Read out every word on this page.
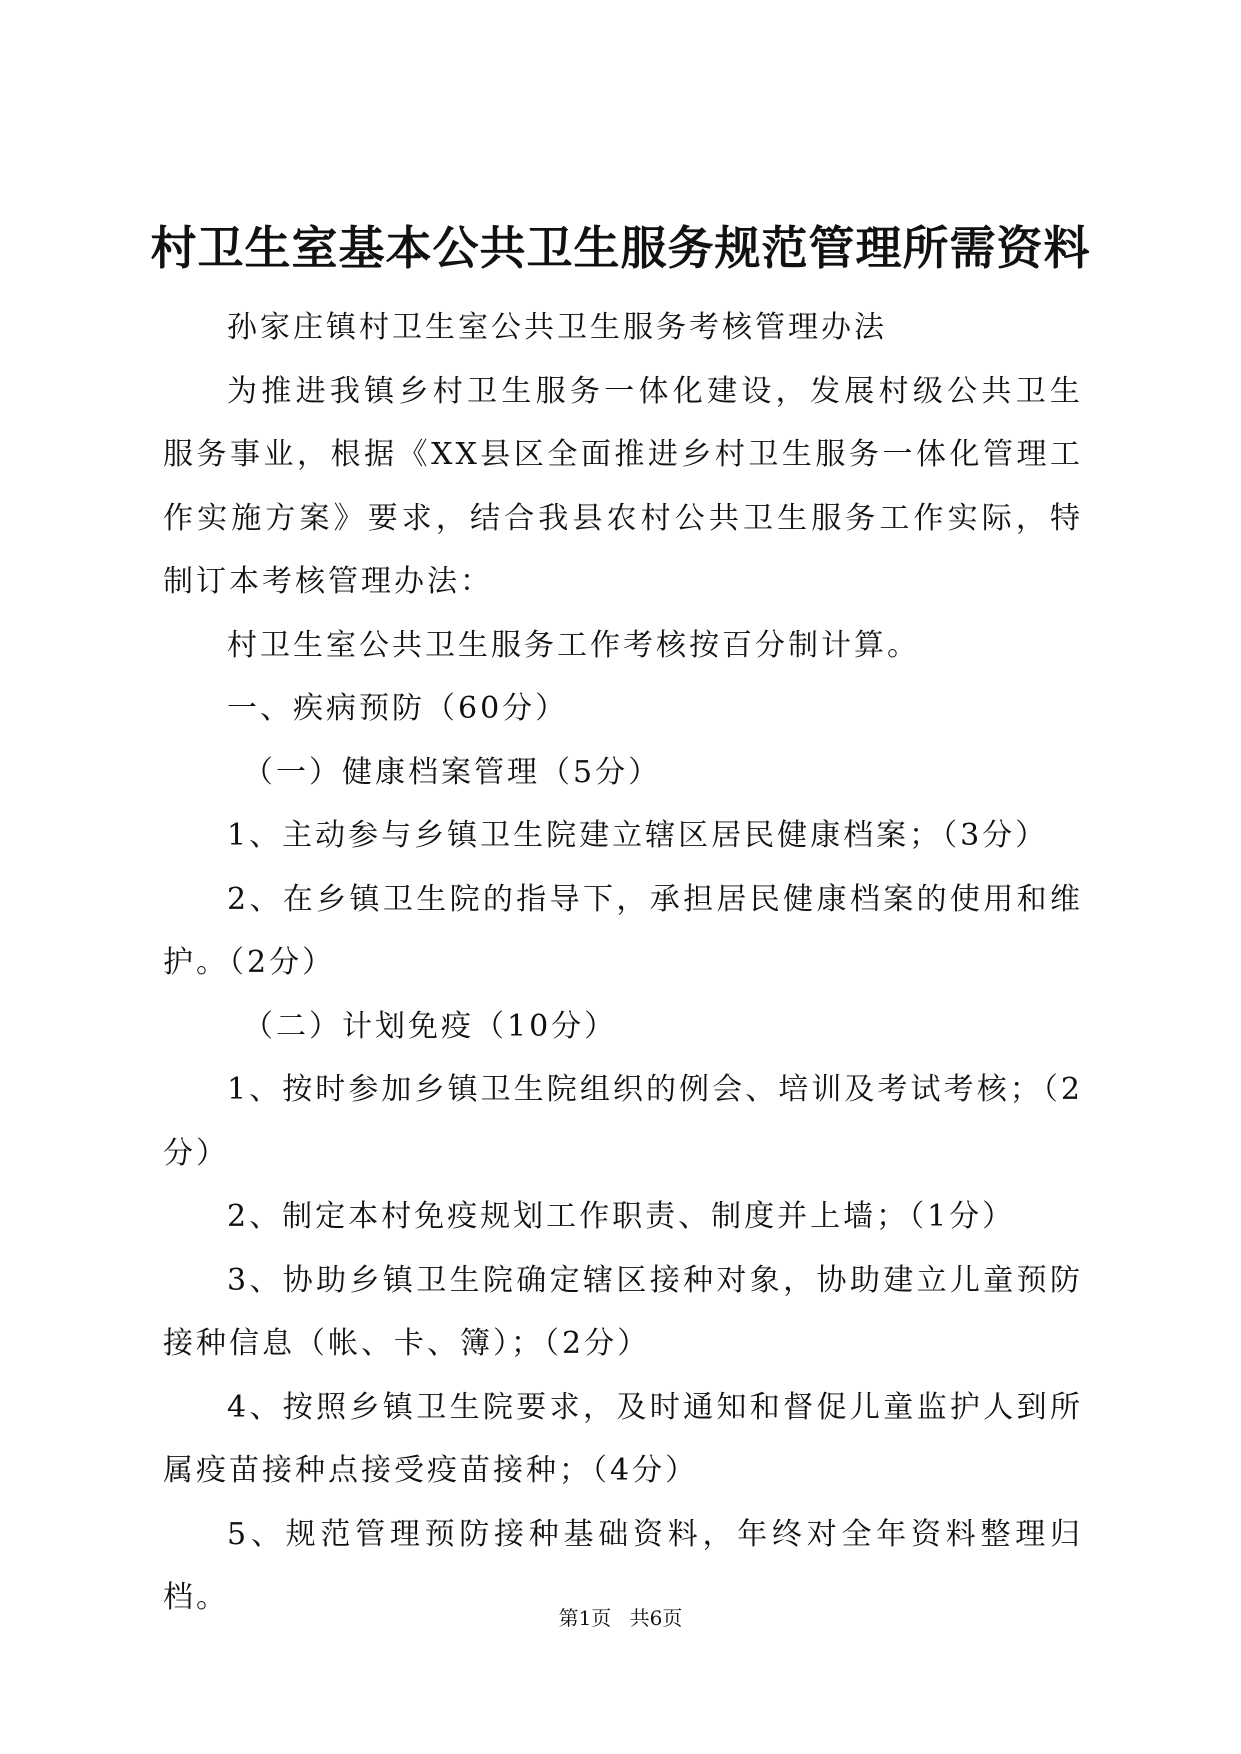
村卫生室基本公共卫生服务规范管理所需资料

孙家庄镇村卫生室公共卫生服务考核管理办法

为推进我镇乡村卫生服务一体化建设，发展村级公共卫生服务事业，根据《XX县区全面推进乡村卫生服务一体化管理工作实施方案》要求，结合我县农村公共卫生服务工作实际，特制订本考核管理办法：

村卫生室公共卫生服务工作考核按百分制计算。

一、疾病预防（60分）

（一）健康档案管理（5分）

1、主动参与乡镇卫生院建立辖区居民健康档案；（3分）

2、在乡镇卫生院的指导下，承担居民健康档案的使用和维护。（2分）

（二）计划免疫（10分）

1、按时参加乡镇卫生院组织的例会、培训及考试考核；（2分）

2、制定本村免疫规划工作职责、制度并上墙；（1分）

3、协助乡镇卫生院确定辖区接种对象，协助建立儿童预防接种信息（帐、卡、簿）；（2分）

4、按照乡镇卫生院要求，及时通知和督促儿童监护人到所属疫苗接种点接受疫苗接种；（4分）

5、规范管理预防接种基础资料，年终对全年资料整理归档。

第1页 共6页
